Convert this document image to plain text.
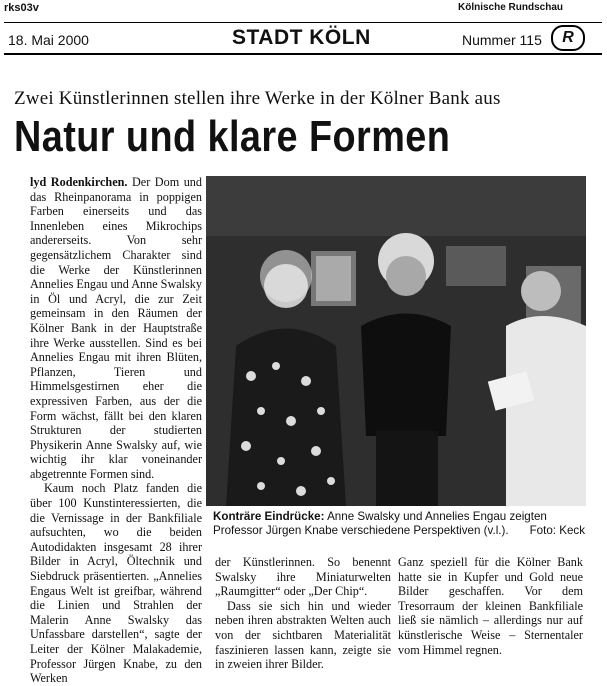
rks03v	Kölnische Rundschau
18. Mai 2000	STADT KÖLN	Nummer 115	R
Zwei Künstlerinnen stellen ihre Werke in der Kölner Bank aus
Natur und klare Formen

lyd Rodenkirchen. Der Dom und das Rheinpanorama in poppigen Farben einerseits und das Innenleben eines Mikrochips andererseits. Von sehr gegensätzlichem Charakter sind die Werke der Künstlerinnen Annelies Engau und Anne Swalsky in Öl und Acryl, die zur Zeit gemeinsam in den Räumen der Kölner Bank in der Hauptstraße ihre Werke ausstellen. Sind es bei Annelies Engau mit ihren Blüten, Pflanzen, Tieren und Himmelsgestirnen eher die expressiven Farben, aus der die Form wächst, fällt bei den klaren Strukturen der studierten Physikerin Anne Swalsky auf, wie wichtig ihr klar voneinander abgetrennte Formen sind.

Kaum noch Platz fanden die über 100 Kunstinteressierten, die die Vernissage in der Bankfiliale aufsuchten, wo die beiden Autodidakten insgesamt 28 ihrer Bilder in Acryl, Öltechnik und Siebdruck präsentierten. „Annelies Engaus Welt ist greifbar, während die Linien und Strahlen der Malerin Anne Swalsky das Unfassbare darstellen“, sagte der Leiter der Kölner Malakademie, Professor Jürgen Knabe, zu den Werken

Konträre Eindrücke: Anne Swalsky und Annelies Engau zeigten Professor Jürgen Knabe verschiedene Perspektiven (v.l.). Foto: Keck

der Künstlerinnen. So benennt Swalsky ihre Miniaturwelten „Raumgitter“ oder „Der Chip“.

Dass sie sich hin und wieder neben ihren abstrakten Welten auch von der sichtbaren Materialität faszinieren lassen kann, zeigte sie in zweien ihrer Bilder.

Ganz speziell für die Kölner Bank hatte sie in Kupfer und Gold neue Bilder geschaffen. Vor dem Tresorraum der kleinen Bankfiliale ließ sie nämlich – allerdings nur auf künstlerische Weise – Sternentaler vom Himmel regnen.
